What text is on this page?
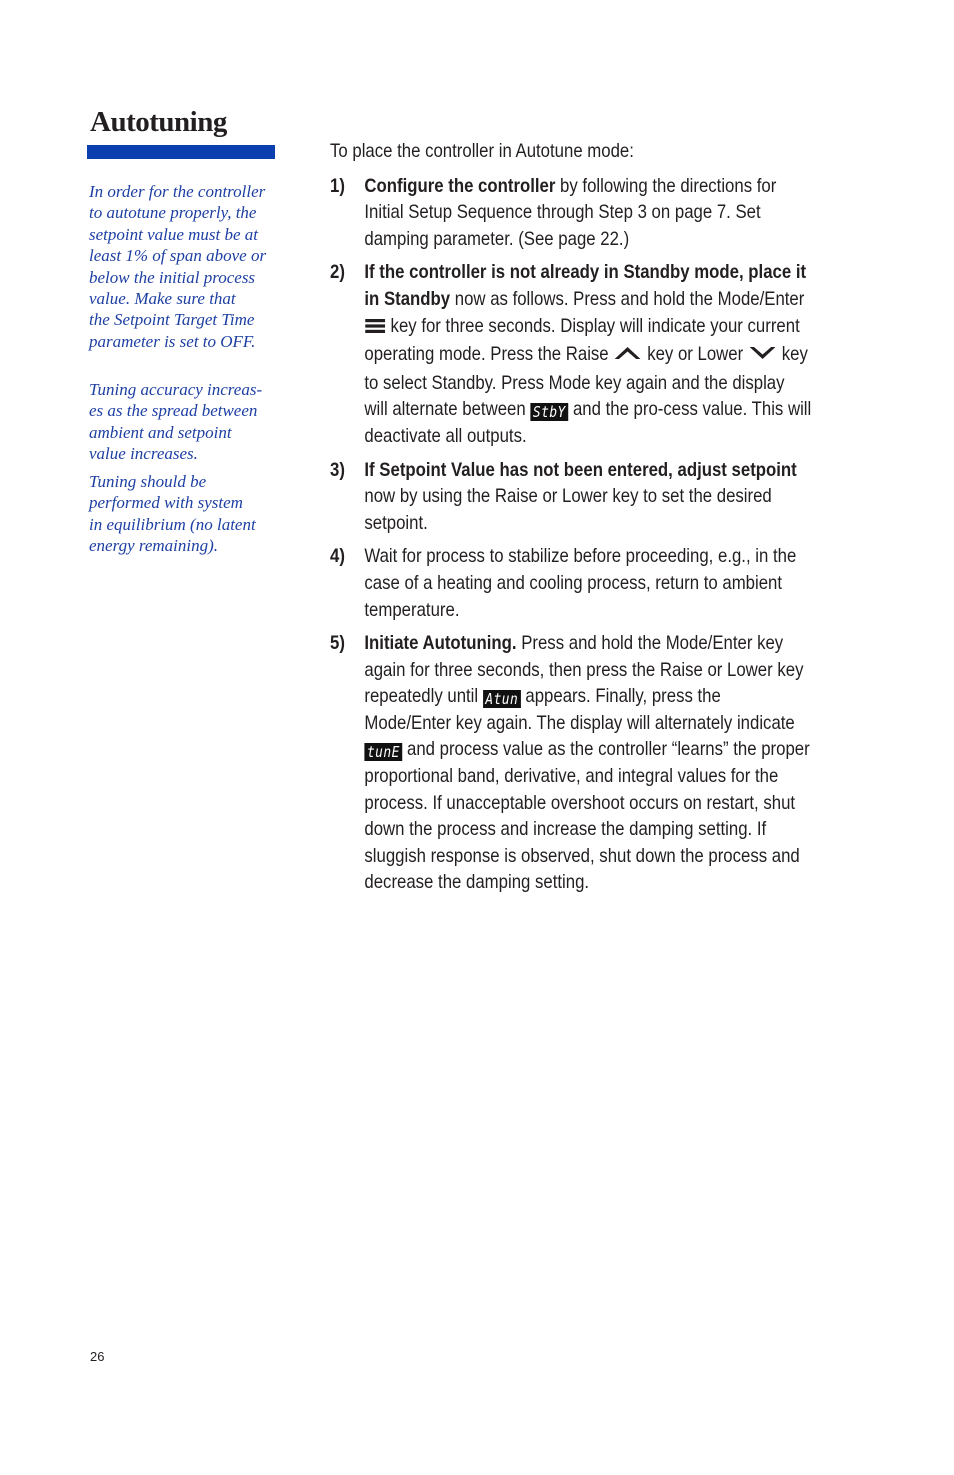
Autotuning

In order for the controller
to autotune properly, the
setpoint value must be at
least 1% of span above or
below the initial process
value. Make sure that
the Setpoint Target Time
parameter is set to OFF.

Tuning accuracy increas-
es as the spread between
ambient and setpoint
value increases.

Tuning should be
performed with system
in equilibrium (no latent
energy remaining).

To place the controller in Autotune mode:

1) Configure the controller by following the directions for Initial Setup Sequence through Step 3 on page 7. Set damping parameter. (See page 22.)
2) If the controller is not already in Standby mode, place it in Standby now as follows. Press and hold the Mode/Enter  key for three seconds. Display will indicate your current operating mode. Press the Raise  key or Lower  key to select Standby. Press Mode key again and the display will alternate between StbY and the pro-cess value. This will deactivate all outputs.
3) If Setpoint Value has not been entered, adjust setpoint now by using the Raise or Lower key to set the desired setpoint.
4) Wait for process to stabilize before proceeding, e.g., in the case of a heating and cooling process, return to ambient temperature.
5) Initiate Autotuning. Press and hold the Mode/Enter key again for three seconds, then press the Raise or Lower key repeatedly until Atun appears. Finally, press the Mode/Enter key again. The display will alternately indicate tunE and process value as the controller “learns” the proper proportional band, derivative, and integral values for the process. If unacceptable overshoot occurs on restart, shut down the process and increase the damping setting. If sluggish response is observed, shut down the process and decrease the damping setting.
26
